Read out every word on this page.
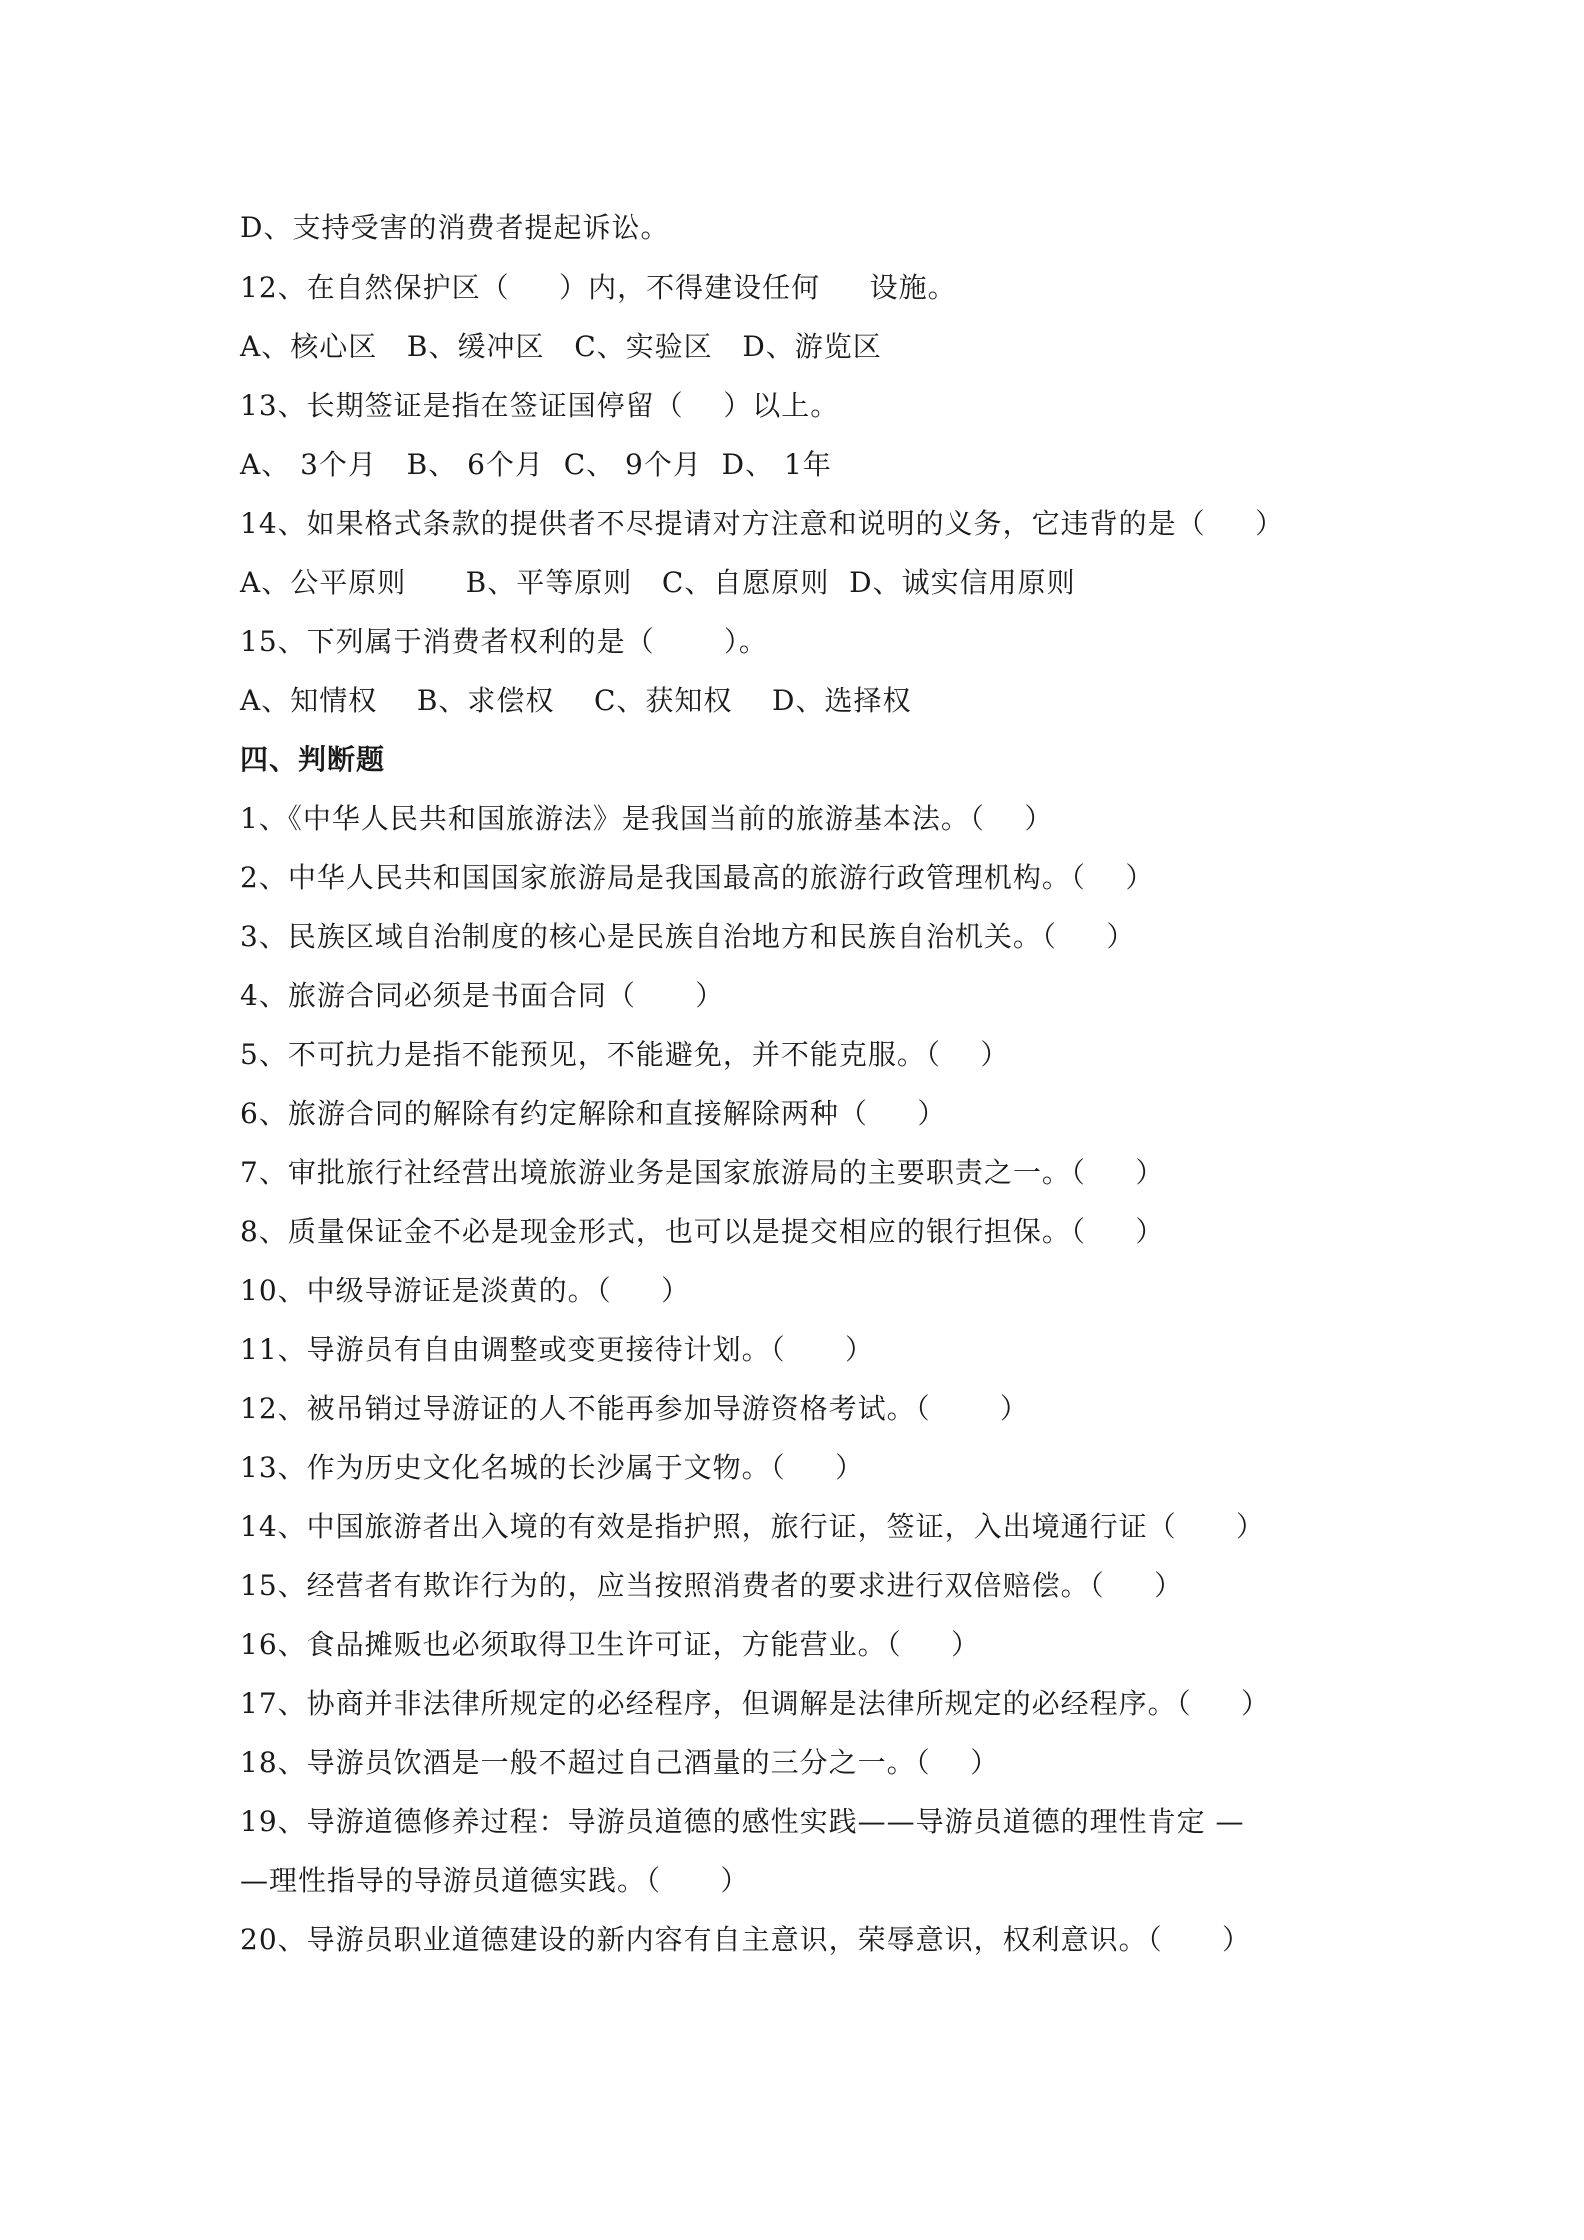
D、支持受害的消费者提起诉讼。
12、在自然保护区（     ）内，不得建设任何     设施。
A、核心区   B、缓冲区   C、实验区   D、游览区
13、长期签证是指在签证国停留（    ）以上。
A、 3个月   B、 6个月  C、 9个月  D、 1年
14、如果格式条款的提供者不尽提请对方注意和说明的义务，它违背的是（     ）
A、公平原则      B、平等原则   C、自愿原则  D、诚实信用原则
15、下列属于消费者权利的是（       ）。
A、知情权    B、求偿权    C、获知权    D、选择权
四、判断题
1、《中华人民共和国旅游法》是我国当前的旅游基本法。（    ）
2、中华人民共和国国家旅游局是我国最高的旅游行政管理机构。（    ）
3、民族区域自治制度的核心是民族自治地方和民族自治机关。（     ）
4、旅游合同必须是书面合同（      ）
5、不可抗力是指不能预见，不能避免，并不能克服。（    ）
6、旅游合同的解除有约定解除和直接解除两种（     ）
7、审批旅行社经营出境旅游业务是国家旅游局的主要职责之一。（     ）
8、质量保证金不必是现金形式，也可以是提交相应的银行担保。（     ）
10、中级导游证是淡黄的。（     ）
11、导游员有自由调整或变更接待计划。（      ）
12、被吊销过导游证的人不能再参加导游资格考试。（       ）
13、作为历史文化名城的长沙属于文物。（     ）
14、中国旅游者出入境的有效是指护照，旅行证，签证，入出境通行证（      ）
15、经营者有欺诈行为的，应当按照消费者的要求进行双倍赔偿。（     ）
16、食品摊贩也必须取得卫生许可证，方能营业。（     ）
17、协商并非法律所规定的必经程序，但调解是法律所规定的必经程序。（     ）
18、导游员饮酒是一般不超过自己酒量的三分之一。（    ）
19、导游道德修养过程：导游员道德的感性实践——导游员道德的理性肯定 —
—理性指导的导游员道德实践。（      ）
20、导游员职业道德建设的新内容有自主意识，荣辱意识，权利意识。（      ）
